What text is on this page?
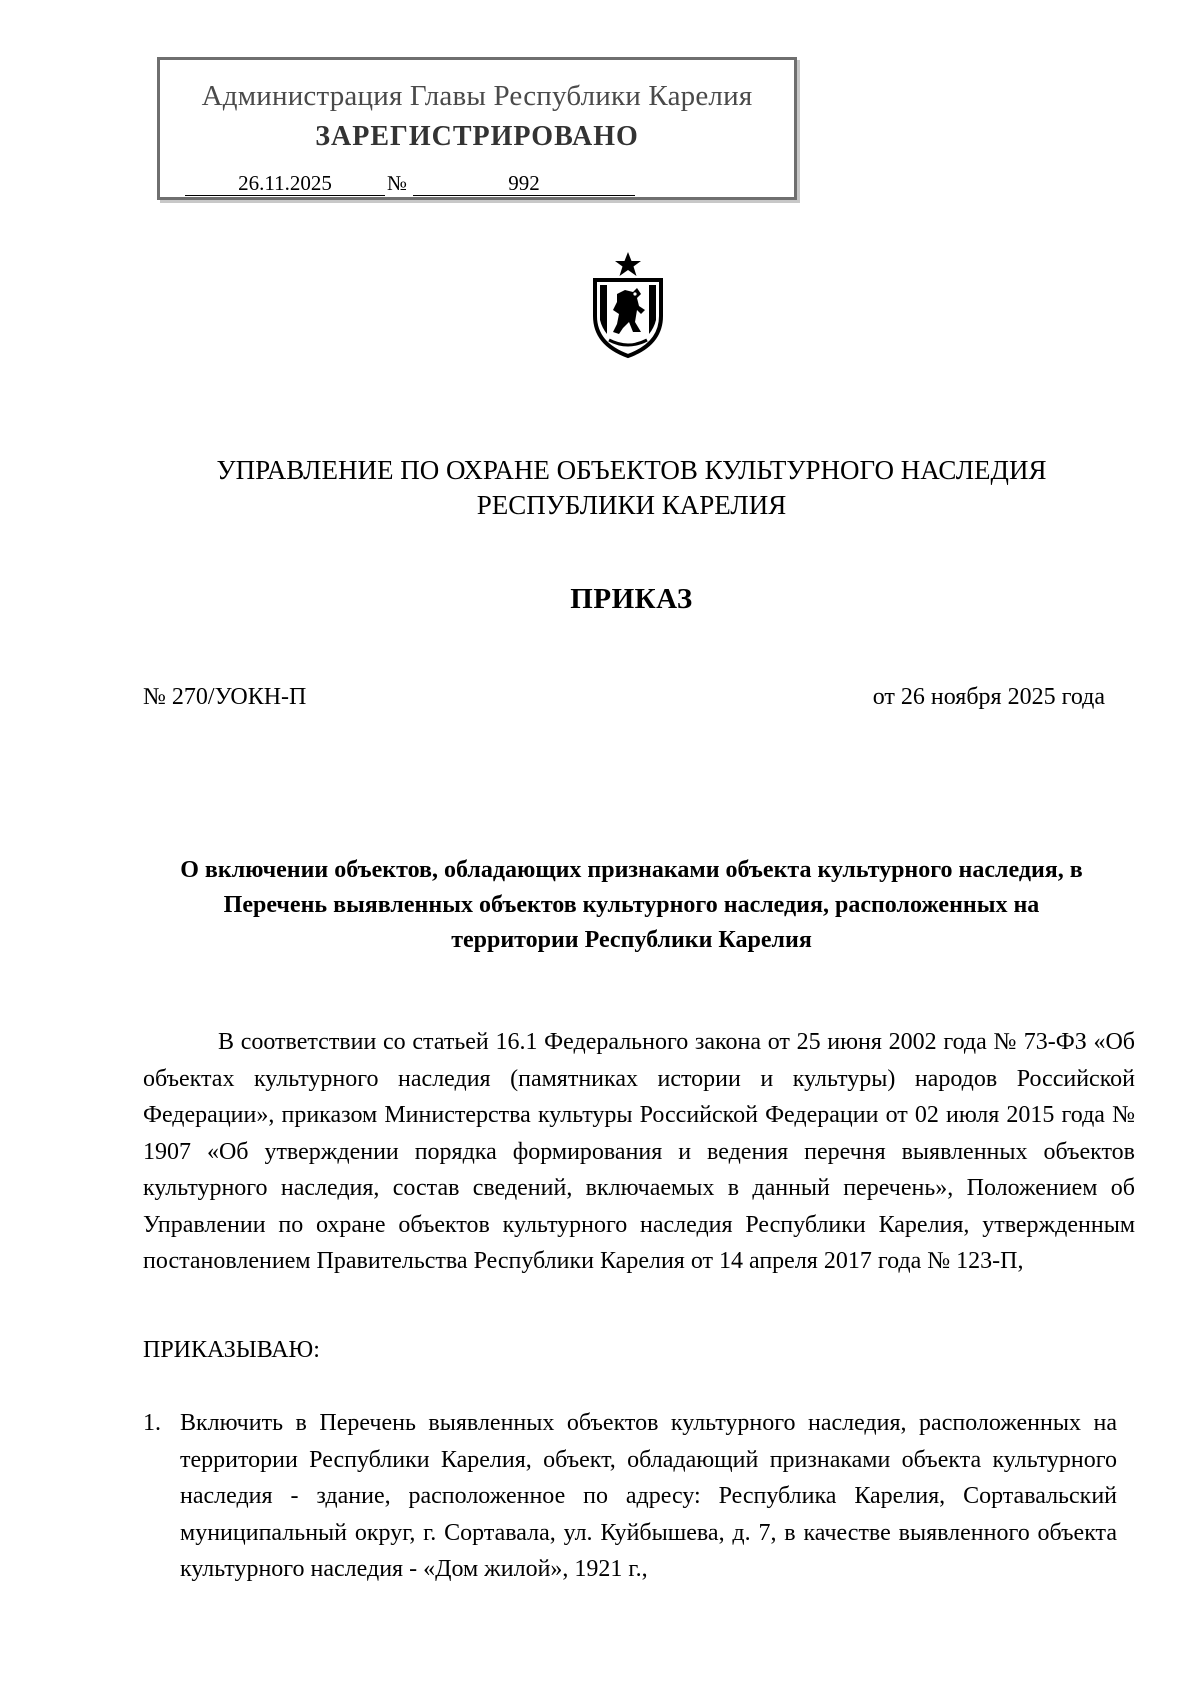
Администрация Главы Республики Карелия
ЗАРЕГИСТРИРОВАНО
26.11.2025	№	992
УПРАВЛЕНИЕ ПО ОХРАНЕ ОБЪЕКТОВ КУЛЬТУРНОГО НАСЛЕДИЯ
РЕСПУБЛИКИ КАРЕЛИЯ
ПРИКАЗ
№ 270/УОКН-П	от 26 ноября 2025 года
О включении объектов, обладающих признаками объекта культурного наследия, в Перечень выявленных объектов культурного наследия, расположенных на территории Республики Карелия

В соответствии со статьей 16.1 Федерального закона от 25 июня 2002 года № 73-ФЗ «Об объектах культурного наследия (памятниках истории и культуры) народов Российской Федерации», приказом Министерства культуры Российской Федерации от 02 июля 2015 года № 1907 «Об утверждении порядка формирования и ведения перечня выявленных объектов культурного наследия, состав сведений, включаемых в данный перечень», Положением об Управлении по охране объектов культурного наследия Республики Карелия, утвержденным постановлением Правительства Республики Карелия от 14 апреля 2017 года № 123-П,

ПРИКАЗЫВАЮ:
1. Включить в Перечень выявленных объектов культурного наследия, расположенных на территории Республики Карелия, объект, обладающий признаками объекта культурного наследия - здание, расположенное по адресу: Республика Карелия, Сортавальский муниципальный округ, г. Сортавала, ул. Куйбышева, д. 7, в качестве выявленного объекта культурного наследия - «Дом жилой», 1921 г.,
